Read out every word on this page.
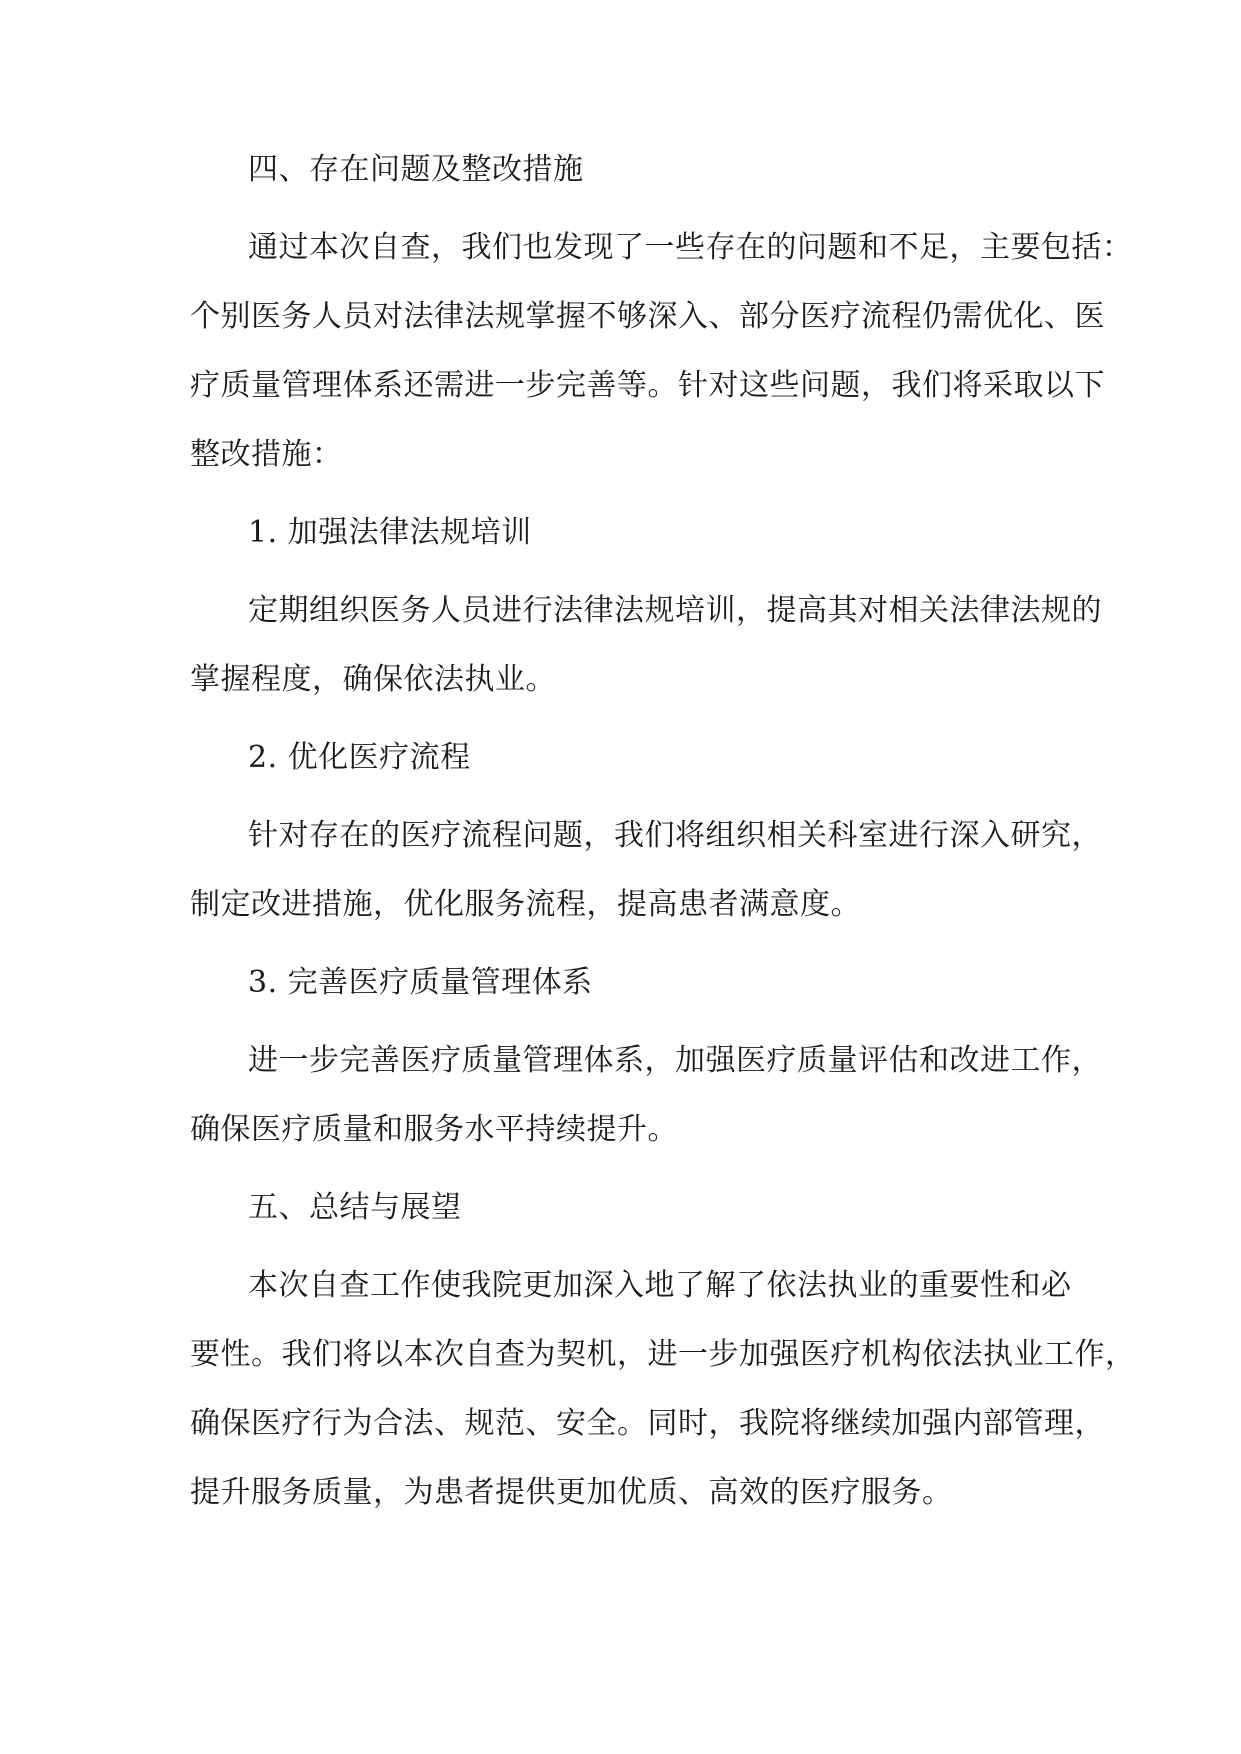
四、存在问题及整改措施
通过本次自查，我们也发现了一些存在的问题和不足，主要包括：
个别医务人员对法律法规掌握不够深入、部分医疗流程仍需优化、医
疗质量管理体系还需进一步完善等。针对这些问题，我们将采取以下
整改措施：
1. 加强法律法规培训
定期组织医务人员进行法律法规培训，提高其对相关法律法规的
掌握程度，确保依法执业。
2. 优化医疗流程
针对存在的医疗流程问题，我们将组织相关科室进行深入研究，
制定改进措施，优化服务流程，提高患者满意度。
3. 完善医疗质量管理体系
进一步完善医疗质量管理体系，加强医疗质量评估和改进工作，
确保医疗质量和服务水平持续提升。
五、总结与展望
本次自查工作使我院更加深入地了解了依法执业的重要性和必
要性。我们将以本次自查为契机，进一步加强医疗机构依法执业工作，
确保医疗行为合法、规范、安全。同时，我院将继续加强内部管理，
提升服务质量，为患者提供更加优质、高效的医疗服务。
